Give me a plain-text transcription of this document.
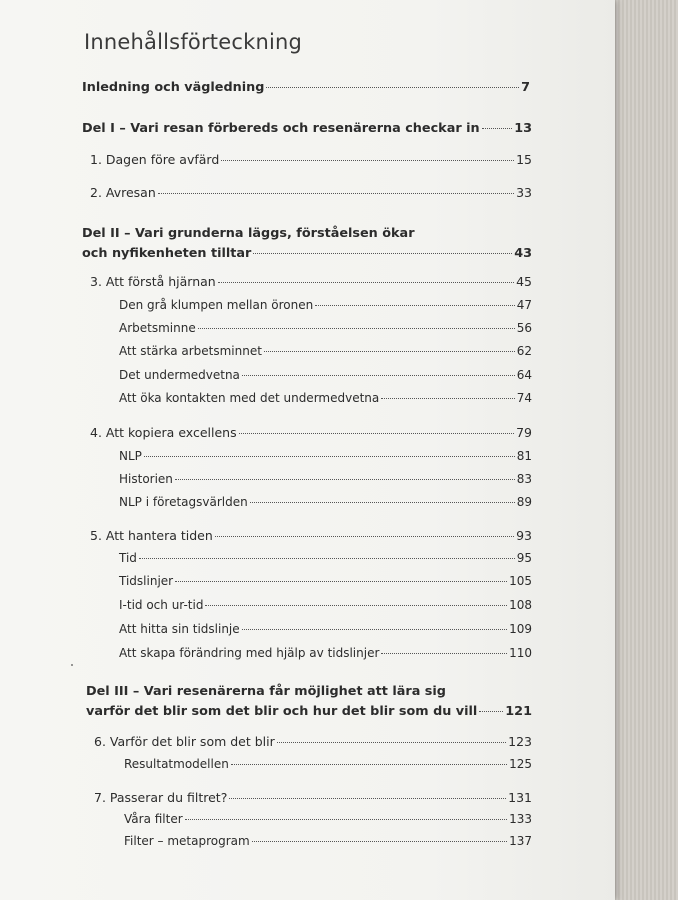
Innehållsförteckning
Inledning och vägledning	7
Del I – Vari resan förbereds och resenärerna checkar in	13
1. Dagen före avfärd	15
2. Avresan	33
Del II – Vari grunderna läggs, förståelsen ökar
och nyfikenheten tilltar	43
3. Att förstå hjärnan	45
Den grå klumpen mellan öronen	47
Arbetsminne	56
Att stärka arbetsminnet	62
Det undermedvetna	64
Att öka kontakten med det undermedvetna	74
4. Att kopiera excellens	79
NLP	81
Historien	83
NLP i företagsvärlden	89
5. Att hantera tiden	93
Tid	95
Tidslinjer	105
I-tid och ur-tid	108
Att hitta sin tidslinje	109
Att skapa förändring med hjälp av tidslinjer	110
Del III – Vari resenärerna får möjlighet att lära sig
varför det blir som det blir och hur det blir som du vill 121
6. Varför det blir som det blir	123
Resultatmodellen	125
7. Passerar du filtret?	131
Våra filter	133
Filter – metaprogram	137
